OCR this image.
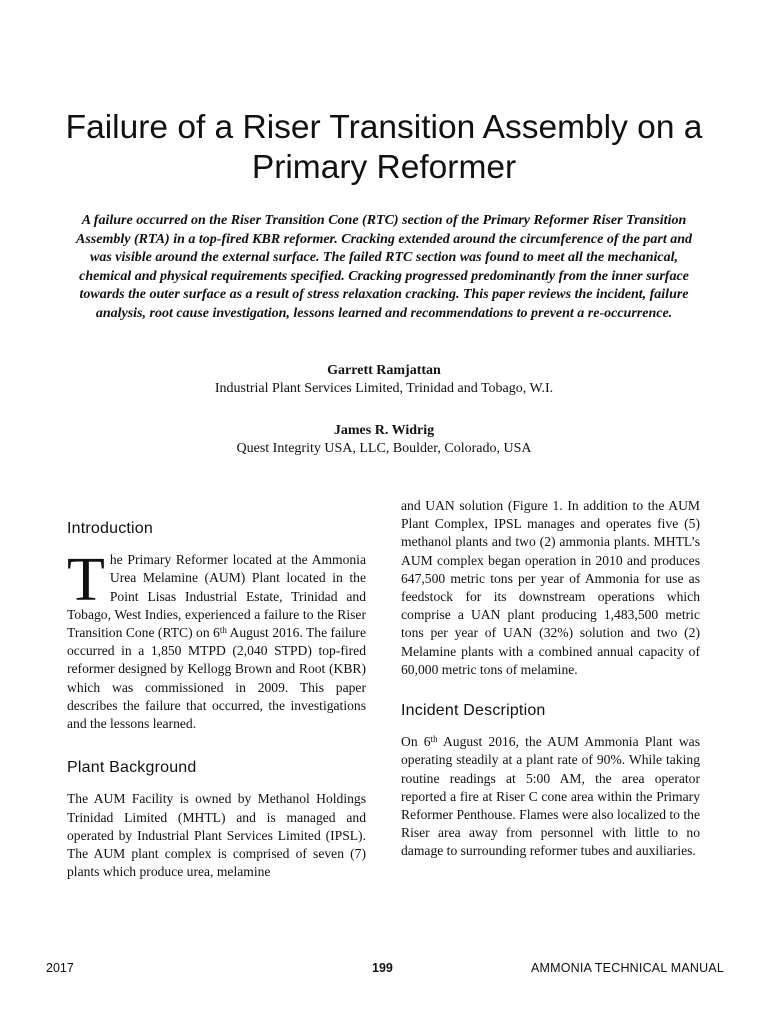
Failure of a Riser Transition Assembly on a Primary Reformer

A failure occurred on the Riser Transition Cone (RTC) section of the Primary Reformer Riser Transition Assembly (RTA) in a top-fired KBR reformer. Cracking extended around the circumference of the part and was visible around the external surface. The failed RTC section was found to meet all the mechanical, chemical and physical requirements specified. Cracking progressed predominantly from the inner surface towards the outer surface as a result of stress relaxation cracking. This paper reviews the incident, failure analysis, root cause investigation, lessons learned and recommendations to prevent a re-occurrence.

Garrett Ramjattan
Industrial Plant Services Limited, Trinidad and Tobago, W.I.
James R. Widrig
Quest Integrity USA, LLC, Boulder, Colorado, USA
Introduction

The Primary Reformer located at the Ammonia Urea Melamine (AUM) Plant located in the Point Lisas Industrial Estate, Trinidad and Tobago, West Indies, experienced a failure to the Riser Transition Cone (RTC) on 6th August 2016. The failure occurred in a 1,850 MTPD (2,040 STPD) top-fired reformer designed by Kellogg Brown and Root (KBR) which was commissioned in 2009. This paper describes the failure that occurred, the investigations and the lessons learned.

Plant Background

The AUM Facility is owned by Methanol Holdings Trinidad Limited (MHTL) and is managed and operated by Industrial Plant Services Limited (IPSL). The AUM plant complex is comprised of seven (7) plants which produce urea, melamine

and UAN solution (Figure 1. In addition to the AUM Plant Complex, IPSL manages and operates five (5) methanol plants and two (2) ammonia plants. MHTL’s AUM complex began operation in 2010 and produces 647,500 metric tons per year of Ammonia for use as feedstock for its downstream operations which comprise a UAN plant producing 1,483,500 metric tons per year of UAN (32%) solution and two (2) Melamine plants with a combined annual capacity of 60,000 metric tons of melamine.

Incident Description

On 6th August 2016, the AUM Ammonia Plant was operating steadily at a plant rate of 90%. While taking routine readings at 5:00 AM, the area operator reported a fire at Riser C cone area within the Primary Reformer Penthouse. Flames were also localized to the Riser area away from personnel with little to no damage to surrounding reformer tubes and auxiliaries.

2017	199	AMMONIA TECHNICAL MANUAL
